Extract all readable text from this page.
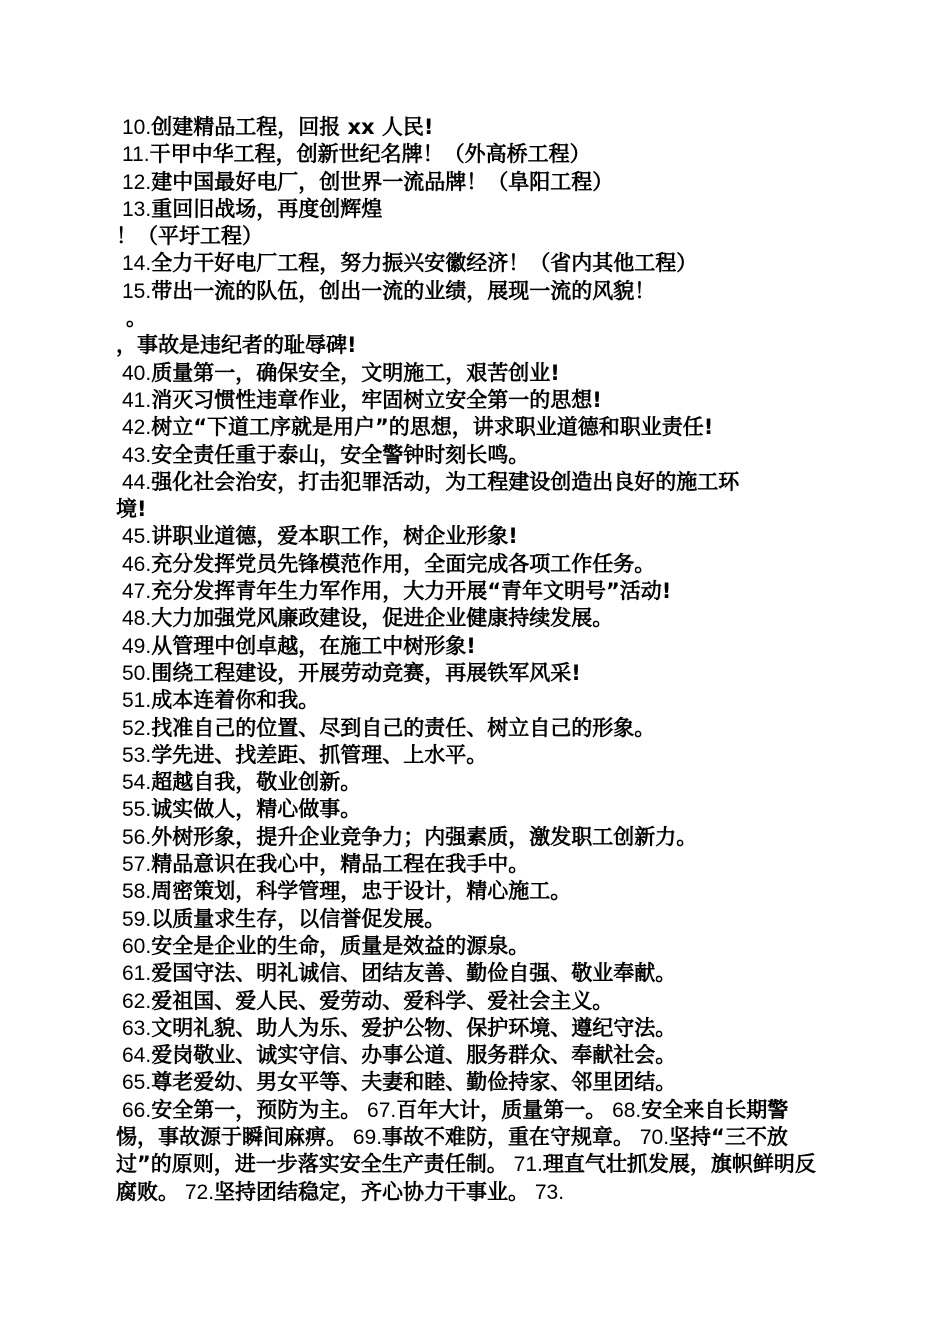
10.创建精品工程，回报 xx 人民!
11.干甲中华工程，创新世纪名牌！（外高桥工程）
12.建中国最好电厂，创世界一流品牌！（阜阳工程）
13.重回旧战场，再度创辉煌
！（平圩工程）
14.全力干好电厂工程，努力振兴安徽经济！（省内其他工程）
15.带出一流的队伍，创出一流的业绩，展现一流的风貌！
。
，事故是违纪者的耻辱碑!
40.质量第一，确保安全，文明施工，艰苦创业!
41.消灭习惯性违章作业，牢固树立安全第一的思想!
42.树立“下道工序就是用户”的思想，讲求职业道德和职业责任!
43.安全责任重于泰山，安全警钟时刻长鸣。
44.强化社会治安，打击犯罪活动，为工程建设创造出良好的施工环
境!
45.讲职业道德，爱本职工作，树企业形象!
46.充分发挥党员先锋模范作用，全面完成各项工作任务。
47.充分发挥青年生力军作用，大力开展“青年文明号”活动!
48.大力加强党风廉政建设，促进企业健康持续发展。
49.从管理中创卓越，在施工中树形象!
50.围绕工程建设，开展劳动竞赛，再展铁军风采!
51.成本连着你和我。
52.找准自己的位置、尽到自己的责任、树立自己的形象。
53.学先进、找差距、抓管理、上水平。
54.超越自我，敬业创新。
55.诚实做人，精心做事。
56.外树形象，提升企业竞争力；内强素质，激发职工创新力。
57.精品意识在我心中，精品工程在我手中。
58.周密策划，科学管理，忠于设计，精心施工。
59.以质量求生存，以信誉促发展。
60.安全是企业的生命，质量是效益的源泉。
61.爱国守法、明礼诚信、团结友善、勤俭自强、敬业奉献。
62.爱祖国、爱人民、爱劳动、爱科学、爱社会主义。
63.文明礼貌、助人为乐、爱护公物、保护环境、遵纪守法。
64.爱岗敬业、诚实守信、办事公道、服务群众、奉献社会。
65.尊老爱幼、男女平等、夫妻和睦、勤俭持家、邻里团结。
66.安全第一，预防为主。 67.百年大计，质量第一。 68.安全来自长期警惕，事故源于瞬间麻痹。 69.事故不难防，重在守规章。 70.坚持“三不放过”的原则，进一步落实安全生产责任制。 71.理直气壮抓发展，旗帜鲜明反腐败。 72.坚持团结稳定，齐心协力干事业。 73.
